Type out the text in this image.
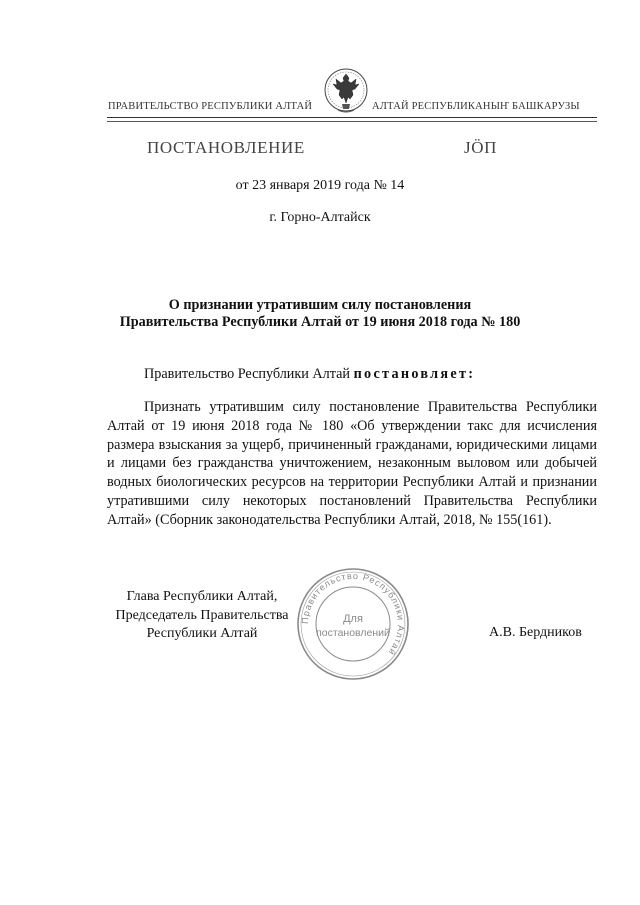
ПРАВИТЕЛЬСТВО РЕСПУБЛИКИ АЛТАЙ	АЛТАЙ РЕСПУБЛИКАНЫҤ БАШКАРУЗЫ
ПОСТАНОВЛЕНИЕ	ЈӦП
от 23 января 2019 года № 14
г. Горно-Алтайск
О признании утратившим силу постановления
Правительства Республики Алтай от 19 июня 2018 года № 180
Правительство Республики Алтай постановляет:
Признать утратившим силу постановление Правительства Республики Алтай от 19 июня 2018 года № 180 «Об утверждении такс для исчисления размера взыскания за ущерб, причиненный гражданами, юридическими лицами и лицами без гражданства уничтожением, незаконным выловом или добычей водных биологических ресурсов на территории Республики Алтай и признании утратившими силу некоторых постановлений Правительства Республики Алтай» (Сборник законодательства Республики Алтай, 2018, № 155(161).
Глава Республики Алтай,
Председатель Правительства
Республики Алтай	А.В. Бердников
Правительство Республики Алтай
Для
постановлений
